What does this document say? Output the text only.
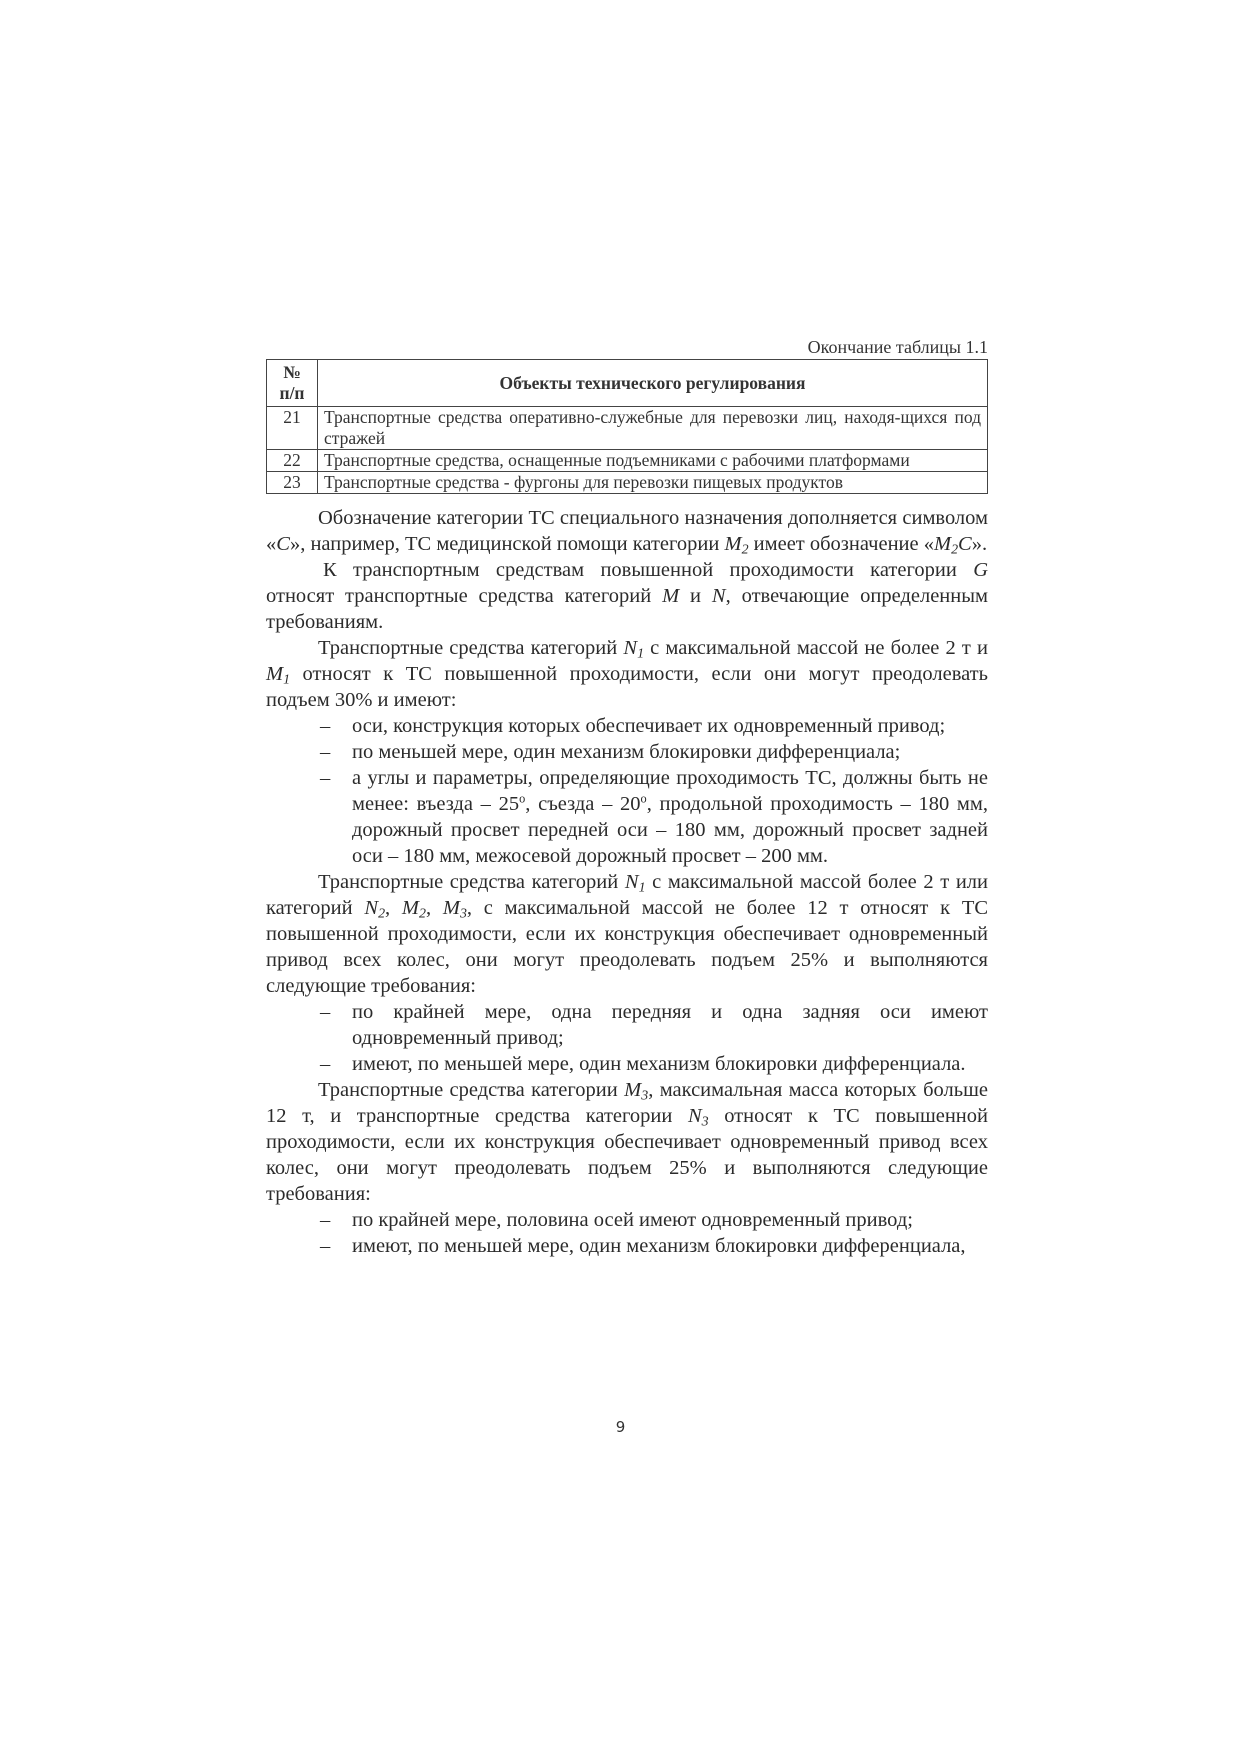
Окончание таблицы 1.1
№
п/п	Объекты технического регулирования
21	Транспортные средства оперативно-служебные для перевозки лиц, находя-щихся под стражей
22	Транспортные средства, оснащенные подъемниками с рабочими платформами
23	Транспортные средства - фургоны для перевозки пищевых продуктов

Обозначение категории ТС специального назначения дополняется символом «C», например, ТС медицинской помощи категории $M_2$ имеет обозначение «$M_2C$».

К транспортным средствам повышенной проходимости категории G относят транспортные средства категорий M и N, отвечающие определенным требованиям.

Транспортные средства категорий $N_1$ с максимальной массой не более 2 т и $M_1$ относят к ТС повышенной проходимости, если они могут преодолевать подъем 30% и имеют:

– оси, конструкция которых обеспечивает их одновременный привод;
– по меньшей мере, один механизм блокировки дифференциала;
– а углы и параметры, определяющие проходимость ТС, должны быть не менее: въезда – $25^о$, съезда – $20^о$, продольной проходимость – 180 мм, дорожный просвет передней оси – 180 мм, дорожный просвет задней оси – 180 мм, межосевой дорожный просвет – 200 мм.

Транспортные средства категорий $N_1$ с максимальной массой более 2 т или категорий $N_2$, $M_2$, $M_3$, с максимальной массой не более 12 т относят к ТС повышенной проходимости, если их конструкция обеспечивает одновременный привод всех колес, они могут преодолевать подъем 25% и выполняются следующие требования:

– по крайней мере, одна передняя и одна задняя оси имеют одновременный привод;
– имеют, по меньшей мере, один механизм блокировки дифференциала.

Транспортные средства категории $M_3$, максимальная масса которых больше 12 т, и транспортные средства категории $N_3$ относят к ТС повышенной проходимости, если их конструкция обеспечивает одновременный привод всех колес, они могут преодолевать подъем 25% и выполняются следующие требования:

– по крайней мере, половина осей имеют одновременный привод;
– имеют, по меньшей мере, один механизм блокировки дифференциала,
9
